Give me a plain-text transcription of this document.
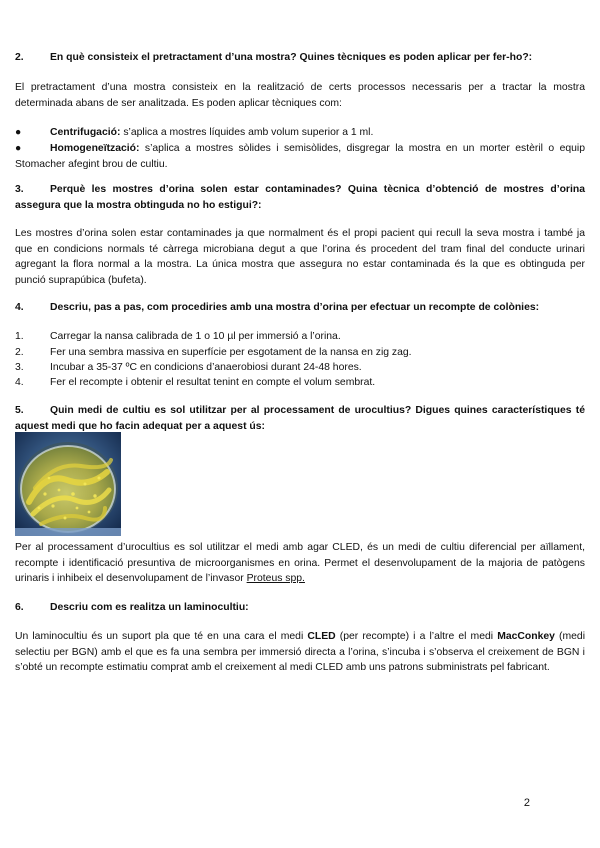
2.	En què consisteix el pretractament d’una mostra? Quines tècniques es poden aplicar per fer-ho?:
El pretractament d’una mostra consisteix en la realització de certs processos necessaris per a tractar la mostra determinada abans de ser analitzada. Es poden aplicar tècniques com:
●	Centrifugació: s’aplica a mostres líquides amb volum superior a 1 ml.
●	Homogeneïtzació: s’aplica a mostres sòlides i semisòlides, disgregar la mostra en un morter estèril o equip Stomacher afegint brou de cultiu.
3.	Perquè les mostres d’orina solen estar contaminades? Quina tècnica d’obtenció de mostres d’orina assegura que la mostra obtinguda no ho estigui?:
Les mostres d’orina solen estar contaminades ja que normalment és el propi pacient qui recull la seva mostra i també ja que en condicions normals té càrrega microbiana degut a que l’orina és procedent del tram final del conducte urinari agregant la flora normal a la mostra. La única mostra que assegura no estar contaminada és la que es obtinguda per punció suprapúbica (bufeta).
4.	Descriu, pas a pas, com procediries amb una mostra d’orina per efectuar un recompte de colònies:
1.	Carregar la nansa calibrada de 1 o 10 µl per immersió a l’orina.
2.	Fer una sembra massiva en superfície per esgotament de la nansa en zig zag.
3.	Incubar a 35-37 ºC en condicions d’anaerobiosi durant 24-48 hores.
4.	Fer el recompte i obtenir el resultat tenint en compte el volum sembrat.
5.	Quin medi de cultiu es sol utilitzar per al processament de urocultius? Digues quines característiques té aquest medi que ho facin adequat per a aquest ús:
Per al processament d’urocultius es sol utilitzar el medi amb agar CLED, és un medi de cultiu diferencial per aïllament, recompte i identificació presuntiva de microorganismes en orina. Permet el desenvolupament de la majoria de patògens urinaris i inhibeix el desenvolupament de l’invasor Proteus spp.
6.	Descriu com es realitza un laminocultiu:
Un laminocultiu és un suport pla que té en una cara el medi CLED (per recompte) i a l’altre el medi MacConkey (medi selectiu per BGN) amb el que es fa una sembra per immersió directa a l’orina, s’incuba i s’observa el creixement de BGN i s’obté un recompte estimatiu comprat amb el creixement al medi CLED amb uns patrons subministrats pel fabricant.
2
